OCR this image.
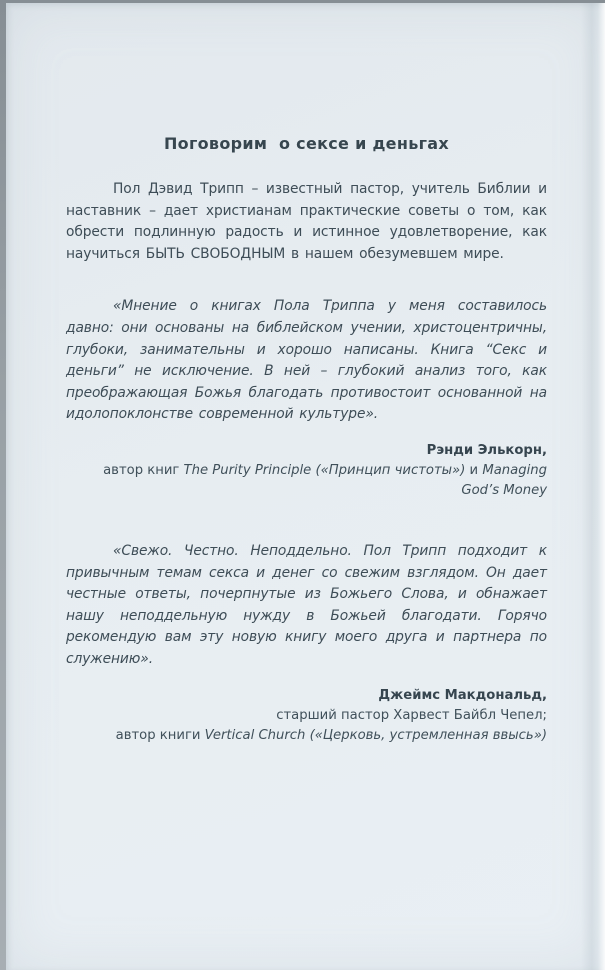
Поговорим  о сексе и деньгах

Пол Дэвид Трипп – известный пастор, учитель Библии и наставник – дает христианам практические советы о том, как обрести подлинную радость и истинное удовлетворение, как научиться БЫТЬ СВОБОДНЫМ в нашем обезумевшем мире.

«Мнение о книгах Пола Триппа у меня составилось давно: они основаны на библейском учении, христоцентричны, глубоки, занимательны и хорошо написаны. Книга “Секс и деньги” не исключение. В ней – глубокий анализ того, как преображающая Божья благодать противостоит основанной на идолопоклонстве современной культуре».

Рэнди Элькорн,
автор книг The Purity Principle («Принцип чистоты») и Managing God’s Money

«Свежо. Честно. Неподдельно. Пол Трипп подходит к привычным темам секса и денег со свежим взглядом. Он дает честные ответы, почерпнутые из Божьего Слова, и обнажает нашу неподдельную нужду в Божьей благодати. Горячо рекомендую вам эту новую книгу моего друга и партнера по служению».

Джеймс Макдональд,
старший пастор Харвест Байбл Чепел;
автор книги Vertical Church («Церковь, устремленная ввысь»)
